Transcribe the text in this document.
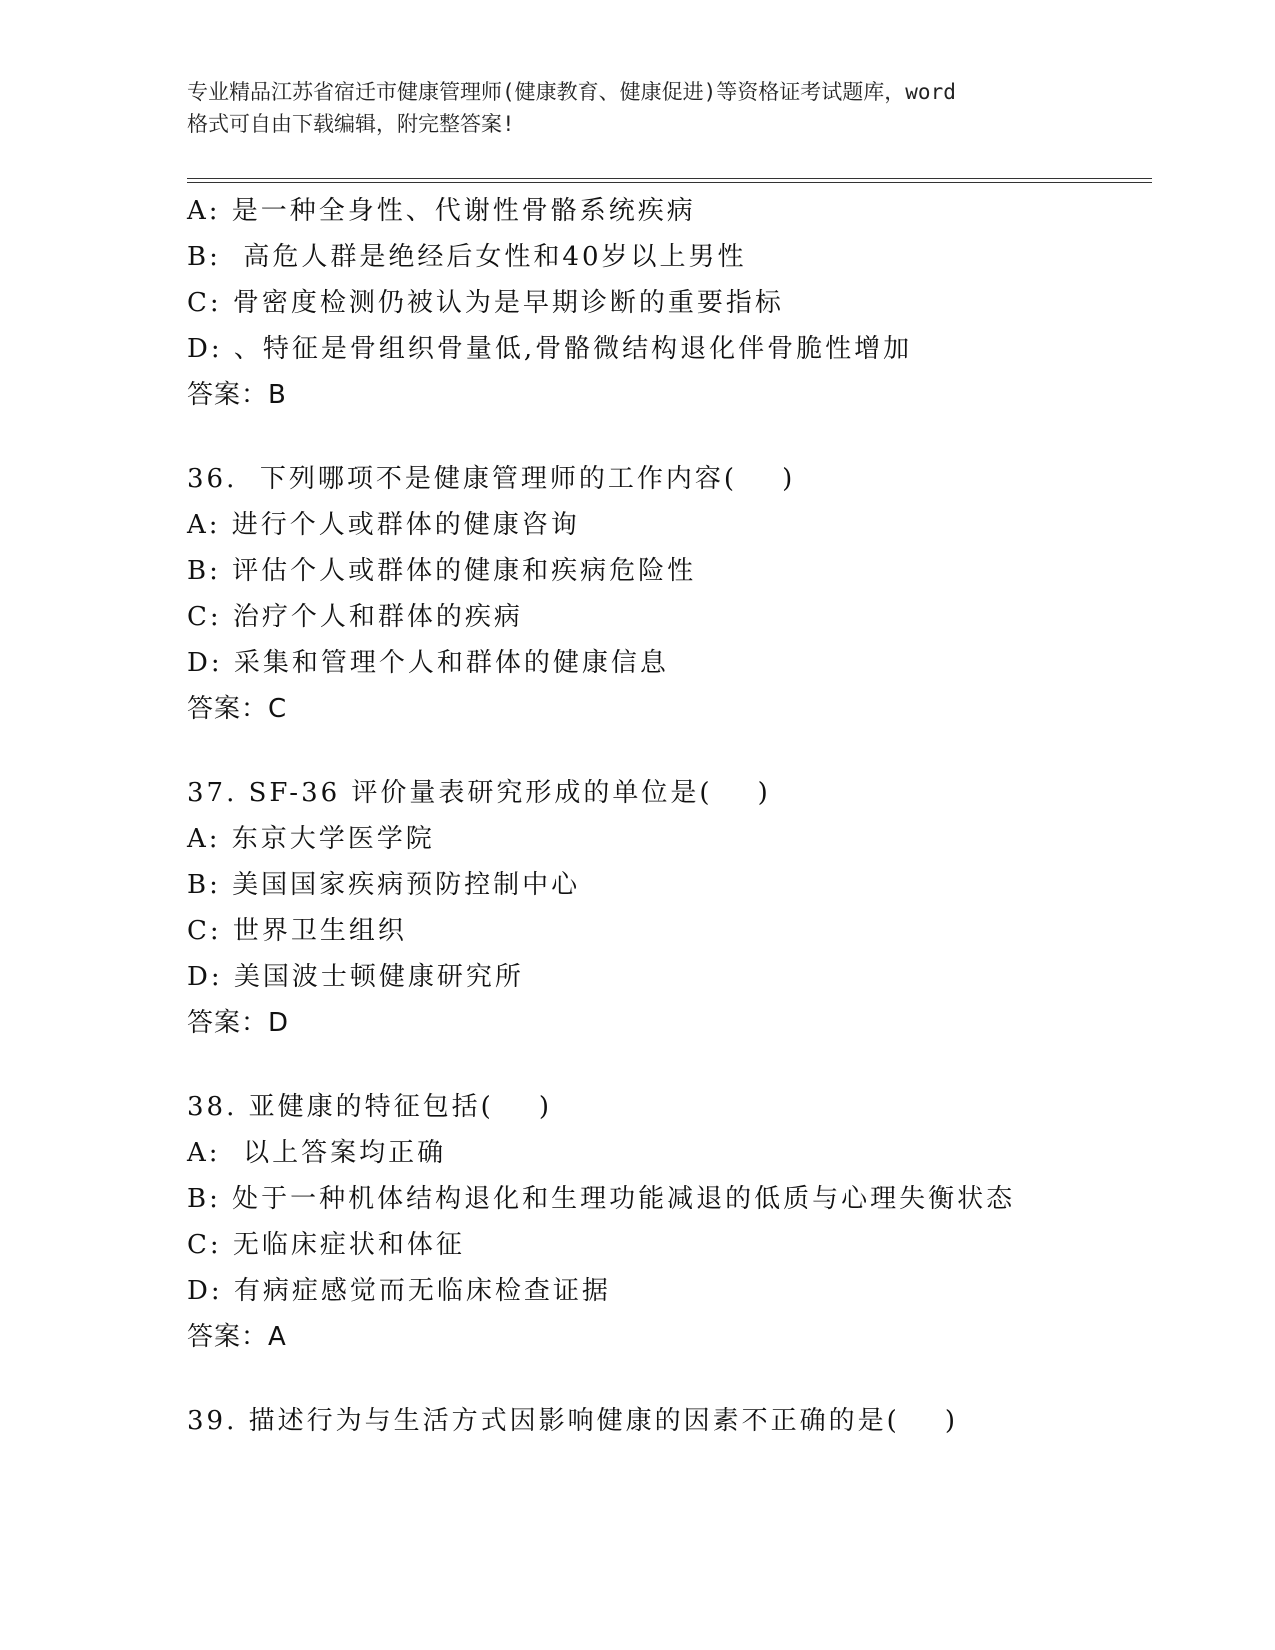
专业精品江苏省宿迁市健康管理师(健康教育、健康促进)等资格证考试题库，word
格式可自由下载编辑，附完整答案!
A: 是一种全身性、代谢性骨骼系统疾病
B:  高危人群是绝经后女性和40岁以上男性
C: 骨密度检测仍被认为是早期诊断的重要指标
D: 、特征是骨组织骨量低,骨骼微结构退化伴骨脆性增加
答案：B
36.  下列哪项不是健康管理师的工作内容(    )
A: 进行个人或群体的健康咨询
B: 评估个人或群体的健康和疾病危险性
C: 治疗个人和群体的疾病
D: 采集和管理个人和群体的健康信息
答案：C
37. SF-36 评价量表研究形成的单位是(    )
A: 东京大学医学院
B: 美国国家疾病预防控制中心
C: 世界卫生组织
D: 美国波士顿健康研究所
答案：D
38. 亚健康的特征包括(    )
A:  以上答案均正确
B: 处于一种机体结构退化和生理功能减退的低质与心理失衡状态
C: 无临床症状和体征
D: 有病症感觉而无临床检查证据
答案：A
39. 描述行为与生活方式因影响健康的因素不正确的是(    )
